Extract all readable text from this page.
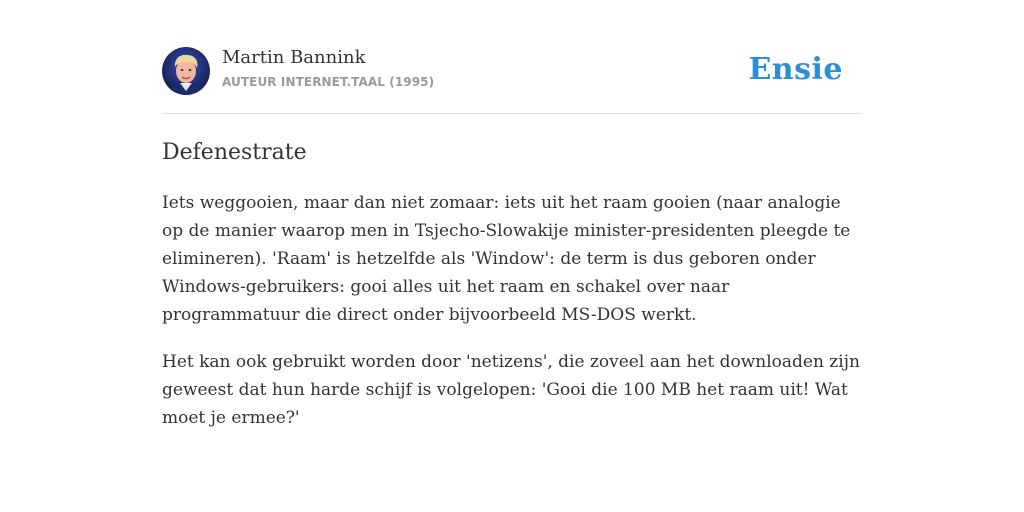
Martin Bannink
AUTEUR INTERNET.TAAL (1995)	Ensie
Defenestrate

Iets weggooien, maar dan niet zomaar: iets uit het raam gooien (naar analogie op de manier waarop men in Tsjecho-Slowakije minister-presidenten pleegde te elimineren). 'Raam' is hetzelfde als 'Window': de term is dus geboren onder Windows-gebruikers: gooi alles uit het raam en schakel over naar programmatuur die direct onder bijvoorbeeld MS-DOS werkt.

Het kan ook gebruikt worden door 'netizens', die zoveel aan het downloaden zijn geweest dat hun harde schijf is volgelopen: 'Gooi die 100 MB het raam uit! Wat moet je ermee?'
